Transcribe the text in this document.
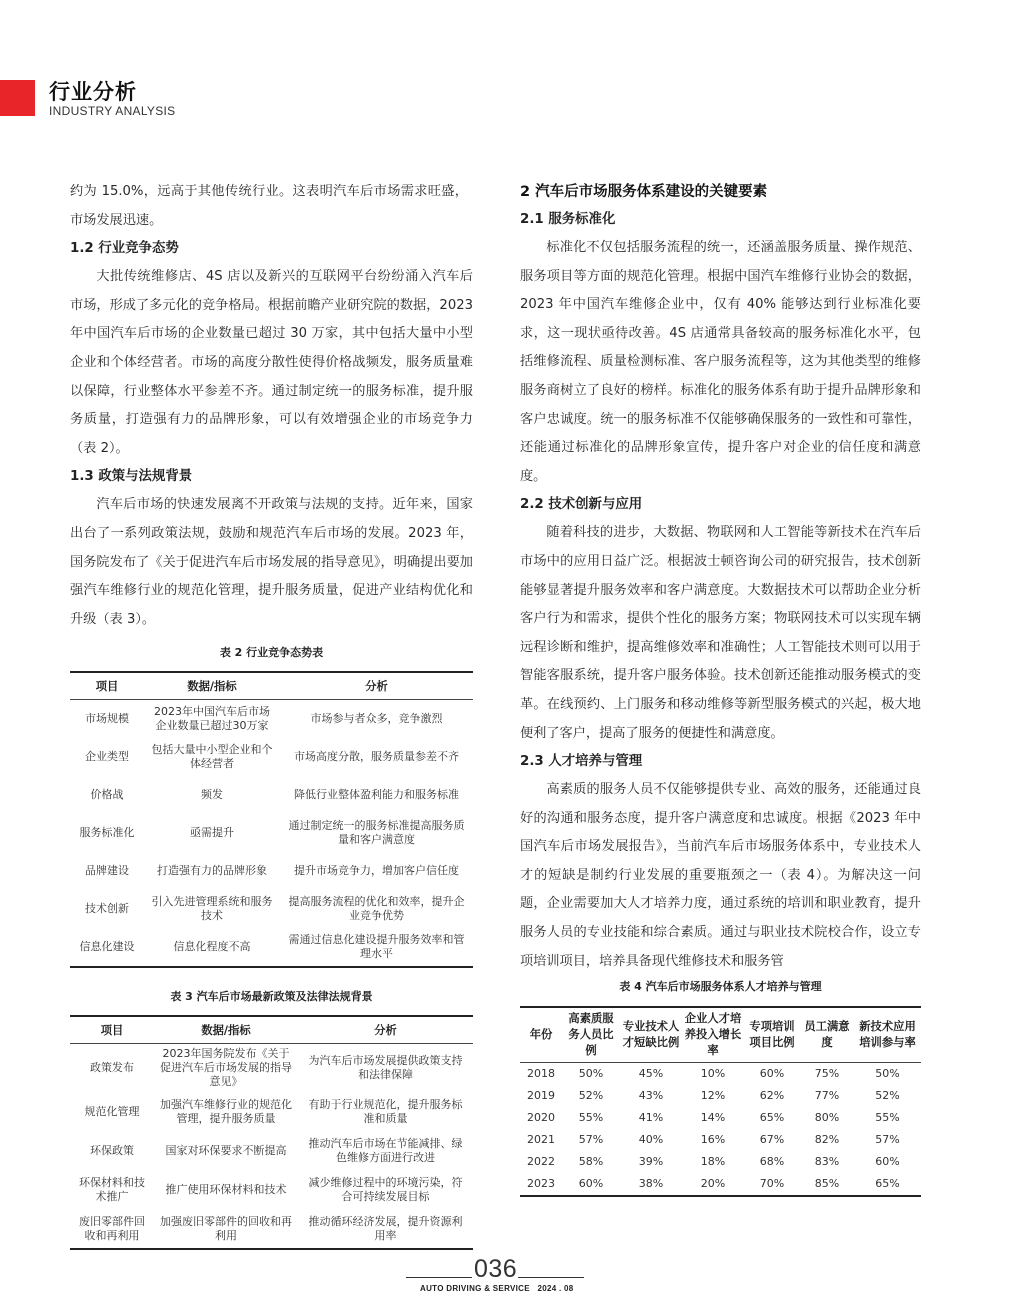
行业分析
INDUSTRY ANALYSIS

约为 15.0%，远高于其他传统行业。这表明汽车后市场需求旺盛，市场发展迅速。

1.2 行业竞争态势

大批传统维修店、4S 店以及新兴的互联网平台纷纷涌入汽车后市场，形成了多元化的竞争格局。根据前瞻产业研究院的数据，2023 年中国汽车后市场的企业数量已超过 30 万家，其中包括大量中小型企业和个体经营者。市场的高度分散性使得价格战频发，服务质量难以保障，行业整体水平参差不齐。通过制定统一的服务标准，提升服务质量，打造强有力的品牌形象，可以有效增强企业的市场竞争力（表 2）。

1.3 政策与法规背景

汽车后市场的快速发展离不开政策与法规的支持。近年来，国家出台了一系列政策法规，鼓励和规范汽车后市场的发展。2023 年，国务院发布了《关于促进汽车后市场发展的指导意见》，明确提出要加强汽车维修行业的规范化管理，提升服务质量，促进产业结构优化和升级（表 3）。

表 2 行业竞争态势表

项目	数据/指标	分析
市场规模	2023年中国汽车后市场企业数量已超过30万家	市场参与者众多，竞争激烈
企业类型	包括大量中小型企业和个体经营者	市场高度分散，服务质量参差不齐
价格战	频发	降低行业整体盈利能力和服务标准
服务标准化	亟需提升	通过制定统一的服务标准提高服务质量和客户满意度
品牌建设	打造强有力的品牌形象	提升市场竞争力，增加客户信任度
技术创新	引入先进管理系统和服务技术	提高服务流程的优化和效率，提升企业竞争优势
信息化建设	信息化程度不高	需通过信息化建设提升服务效率和管理水平

表 3 汽车后市场最新政策及法律法规背景

项目	数据/指标	分析
政策发布	2023年国务院发布《关于促进汽车后市场发展的指导意见》	为汽车后市场发展提供政策支持和法律保障
规范化管理	加强汽车维修行业的规范化管理，提升服务质量	有助于行业规范化，提升服务标准和质量
环保政策	国家对环保要求不断提高	推动汽车后市场在节能减排、绿色维修方面进行改进
环保材料和技术推广	推广使用环保材料和技术	减少维修过程中的环境污染，符合可持续发展目标
废旧零部件回收和再利用	加强废旧零部件的回收和再利用	推动循环经济发展，提升资源利用率

2 汽车后市场服务体系建设的关键要素

2.1 服务标准化

标准化不仅包括服务流程的统一，还涵盖服务质量、操作规范、服务项目等方面的规范化管理。根据中国汽车维修行业协会的数据，2023 年中国汽车维修企业中，仅有 40% 能够达到行业标准化要求，这一现状亟待改善。4S 店通常具备较高的服务标准化水平，包括维修流程、质量检测标准、客户服务流程等，这为其他类型的维修服务商树立了良好的榜样。标准化的服务体系有助于提升品牌形象和客户忠诚度。统一的服务标准不仅能够确保服务的一致性和可靠性，还能通过标准化的品牌形象宣传，提升客户对企业的信任度和满意度。

2.2 技术创新与应用

随着科技的进步，大数据、物联网和人工智能等新技术在汽车后市场中的应用日益广泛。根据波士顿咨询公司的研究报告，技术创新能够显著提升服务效率和客户满意度。大数据技术可以帮助企业分析客户行为和需求，提供个性化的服务方案；物联网技术可以实现车辆远程诊断和维护，提高维修效率和准确性；人工智能技术则可以用于智能客服系统，提升客户服务体验。技术创新还能推动服务模式的变革。在线预约、上门服务和移动维修等新型服务模式的兴起，极大地便利了客户，提高了服务的便捷性和满意度。

2.3 人才培养与管理

高素质的服务人员不仅能够提供专业、高效的服务，还能通过良好的沟通和服务态度，提升客户满意度和忠诚度。根据《2023 年中国汽车后市场发展报告》，当前汽车后市场服务体系中，专业技术人才的短缺是制约行业发展的重要瓶颈之一（表 4）。为解决这一问题，企业需要加大人才培养力度，通过系统的培训和职业教育，提升服务人员的专业技能和综合素质。通过与职业技术院校合作，设立专项培训项目，培养具备现代维修技术和服务管

表 4 汽车后市场服务体系人才培养与管理

年份	高素质服务人员比例	专业技术人才短缺比例	企业人才培养投入增长率	专项培训项目比例	员工满意度	新技术应用培训参与率
2018	50%	45%	10%	60%	75%	50%
2019	52%	43%	12%	62%	77%	52%
2020	55%	41%	14%	65%	80%	55%
2021	57%	40%	16%	67%	82%	57%
2022	58%	39%	18%	68%	83%	60%
2023	60%	38%	20%	70%	85%	65%
036
AUTO DRIVING & SERVICE 2024 . 08
